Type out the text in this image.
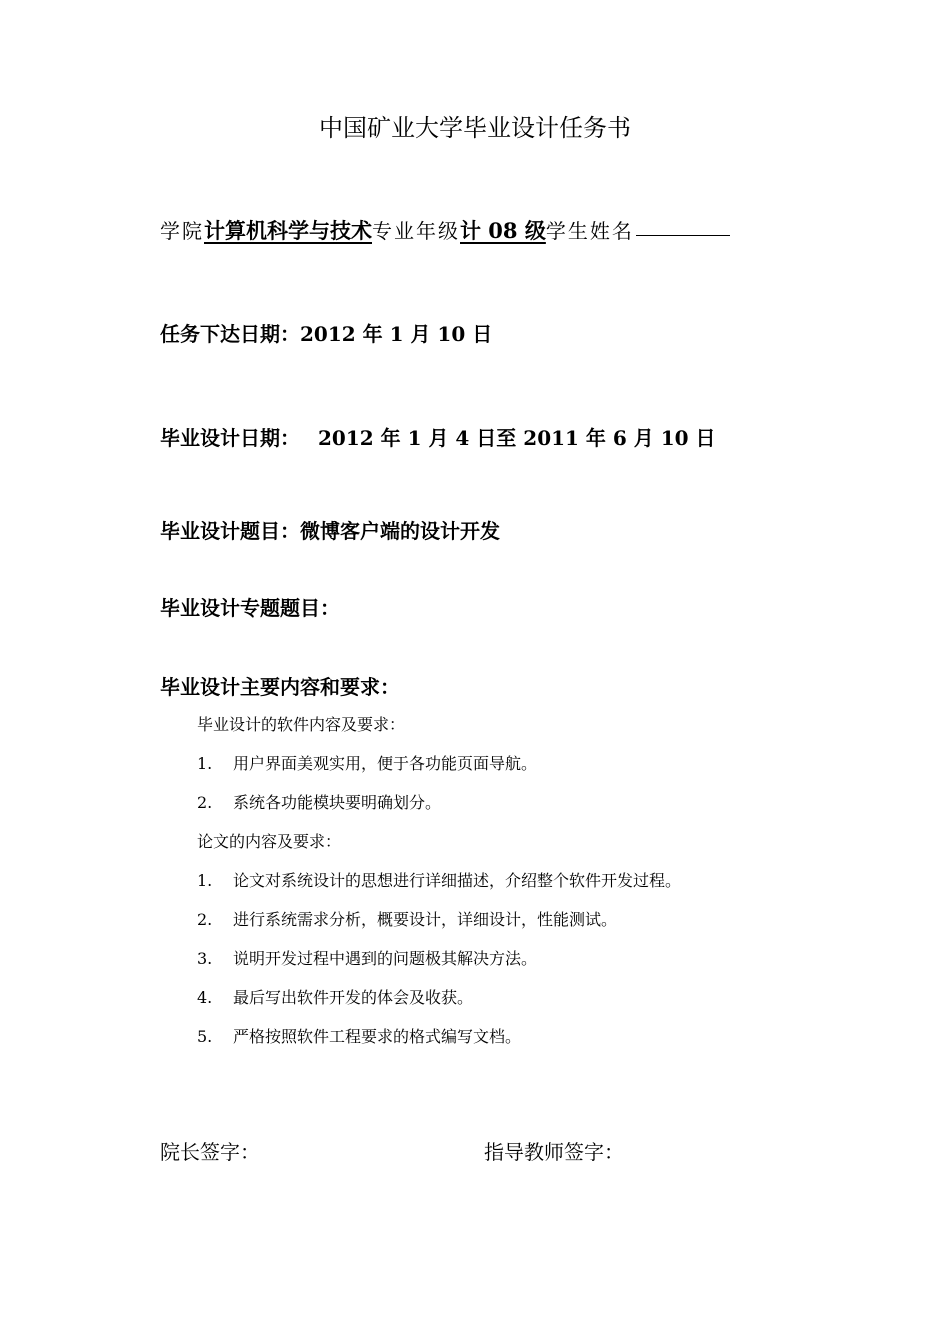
中国矿业大学毕业设计任务书
学院 计算机科学与技术 专业年级 计 08 级 学生姓名
任务下达日期：2012 年 1 月 10 日
毕业设计日期： 2012 年 1 月 4 日至 2011 年 6 月 10 日
毕业设计题目：微博客户端的设计开发
毕业设计专题题目：
毕业设计主要内容和要求：
毕业设计的软件内容及要求：
1. 用户界面美观实用，便于各功能页面导航。
2. 系统各功能模块要明确划分。
论文的内容及要求：
1. 论文对系统设计的思想进行详细描述，介绍整个软件开发过程。
2. 进行系统需求分析，概要设计，详细设计，性能测试。
3. 说明开发过程中遇到的问题极其解决方法。
4. 最后写出软件开发的体会及收获。
5. 严格按照软件工程要求的格式编写文档。
院长签字：	指导教师签字：
